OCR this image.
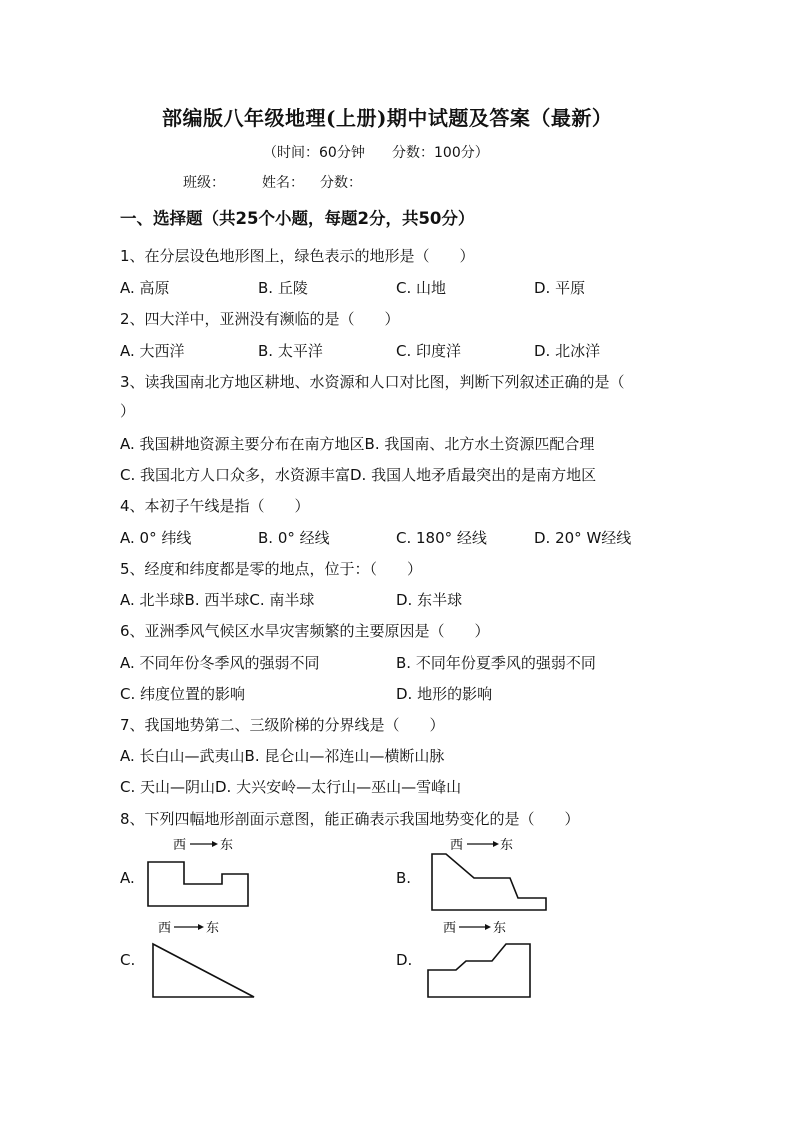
部编版八年级地理(上册)期中试题及答案（最新）
（时间：60分钟 分数：100分）
班级：	姓名： 分数：
一、选择题（共25个小题，每题2分，共50分）
1、在分层设色地形图上，绿色表示的地形是（　　）
A. 高原	B. 丘陵	C. 山地	D. 平原
2、四大洋中，亚洲没有濒临的是（　　）
A. 大西洋	B. 太平洋	C. 印度洋	D. 北冰洋
3、读我国南北方地区耕地、水资源和人口对比图，判断下列叙述正确的是（
）
A. 我国耕地资源主要分布在南方地区B. 我国南、北方水土资源匹配合理
C. 我国北方人口众多，水资源丰富D. 我国人地矛盾最突出的是南方地区
4、本初子午线是指（　　）
A. 0° 纬线	B. 0° 经线	C. 180° 经线	D. 20° W经线
5、经度和纬度都是零的地点，位于：（　　）
A. 北半球B. 西半球C. 南半球	D. 东半球
6、亚洲季风气候区水旱灾害频繁的主要原因是（　　）
A. 不同年份冬季风的强弱不同	B. 不同年份夏季风的强弱不同
C. 纬度位置的影响	D. 地形的影响
7、我国地势第二、三级阶梯的分界线是（　　）
A. 长白山—武夷山B. 昆仑山—祁连山—横断山脉
C. 天山—阴山D. 大兴安岭—太行山—巫山—雪峰山
8、下列四幅地形剖面示意图，能正确表示我国地势变化的是（　　）
A.
西	东
B.
西	东
C.
西	东
D.
西	东
